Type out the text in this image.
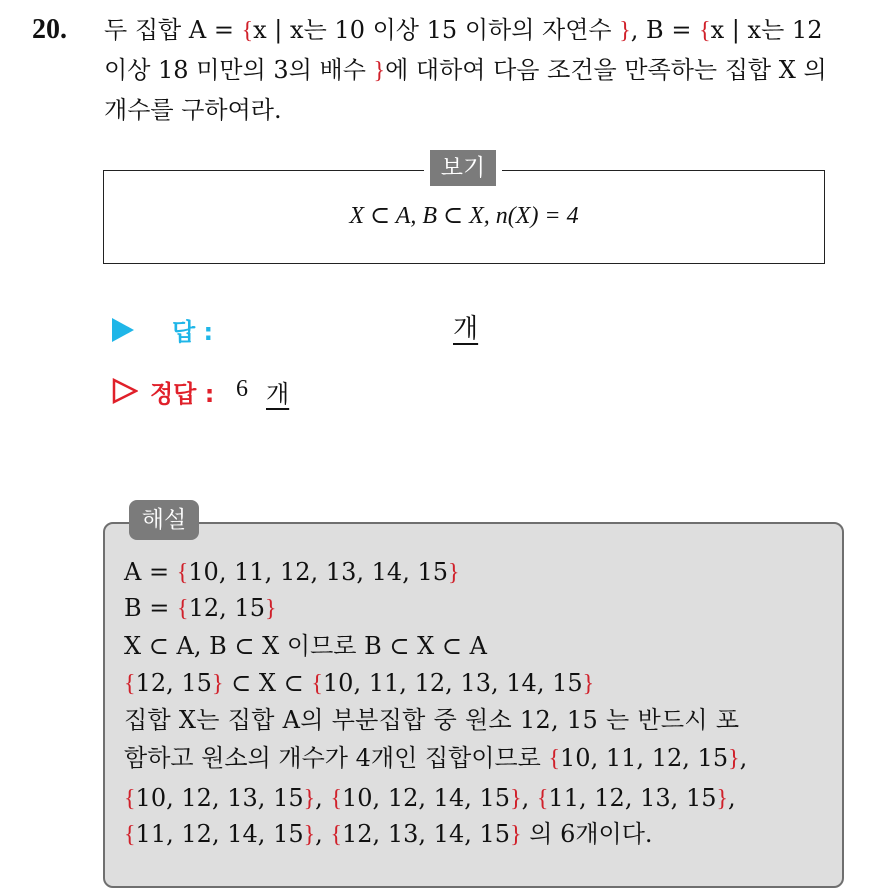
20. 두 집합 A = {x | x는 10 이상 15 이하의 자연수 }, B = {x | x는 12
이상 18 미만의 3의 배수 }에 대하여 다음 조건을 만족하는 집합 X 의
개수를 구하여라.
X ⊂ A, B ⊂ X, n(X) = 4
보기
답 :	개
정답 : 6 개
해설
A = {10, 11, 12, 13, 14, 15}
B = {12, 15}
X ⊂ A, B ⊂ X 이므로 B ⊂ X ⊂ A
{12, 15} ⊂ X ⊂ {10, 11, 12, 13, 14, 15}
집합 X는 집합 A의 부분집합 중 원소 12, 15 는 반드시 포
함하고 원소의 개수가 4개인 집합이므로 {10, 11, 12, 15},
{10, 12, 13, 15}, {10, 12, 14, 15}, {11, 12, 13, 15},
{11, 12, 14, 15}, {12, 13, 14, 15} 의 6개이다.
